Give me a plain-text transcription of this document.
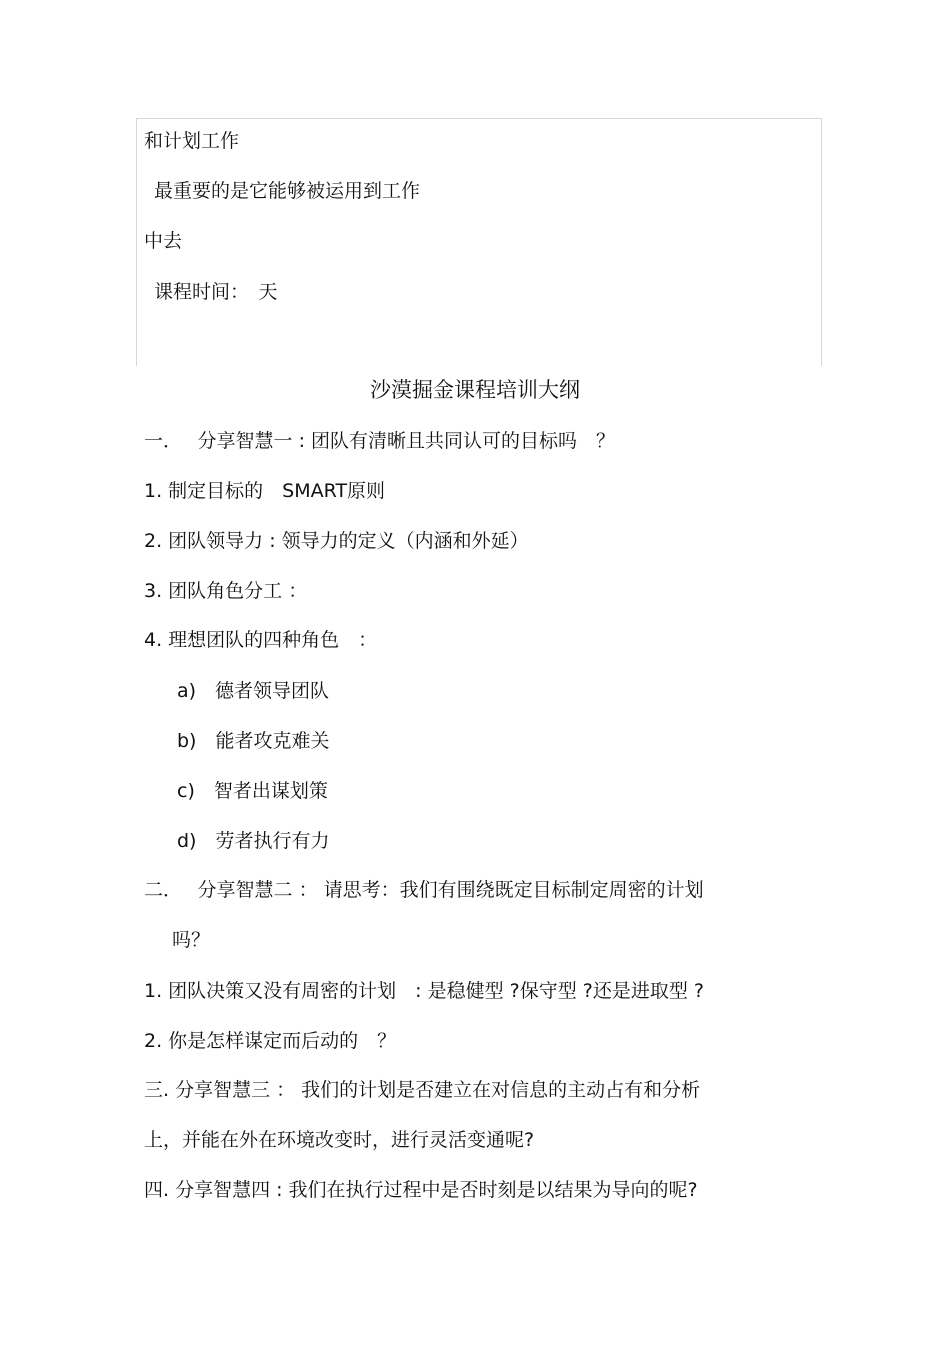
和计划工作
最重要的是它能够被运用到工作
中去
课程时间：　天
沙漠掘金课程培训大纲
一．　 分享智慧一 : 团队有清晰且共同认可的目标吗　？
1. 制定目标的　SMART原则
2. 团队领导力 : 领导力的定义（内涵和外延）
3. 团队角色分工 ：
4. 理想团队的四种角色　：
a)　德者领导团队
b)　能者攻克难关
c)　智者出谋划策
d)　劳者执行有力
二．　 分享智慧二 ： 请思考：我们有围绕既定目标制定周密的计划
吗？
1. 团队决策又没有周密的计划　: 是稳健型 ?保守型 ?还是进取型 ?
2. 你是怎样谋定而后动的　？
三. 分享智慧三 ： 我们的计划是否建立在对信息的主动占有和分析
上，并能在外在环境改变时，进行灵活变通呢?
四. 分享智慧四 : 我们在执行过程中是否时刻是以结果为导向的呢?
